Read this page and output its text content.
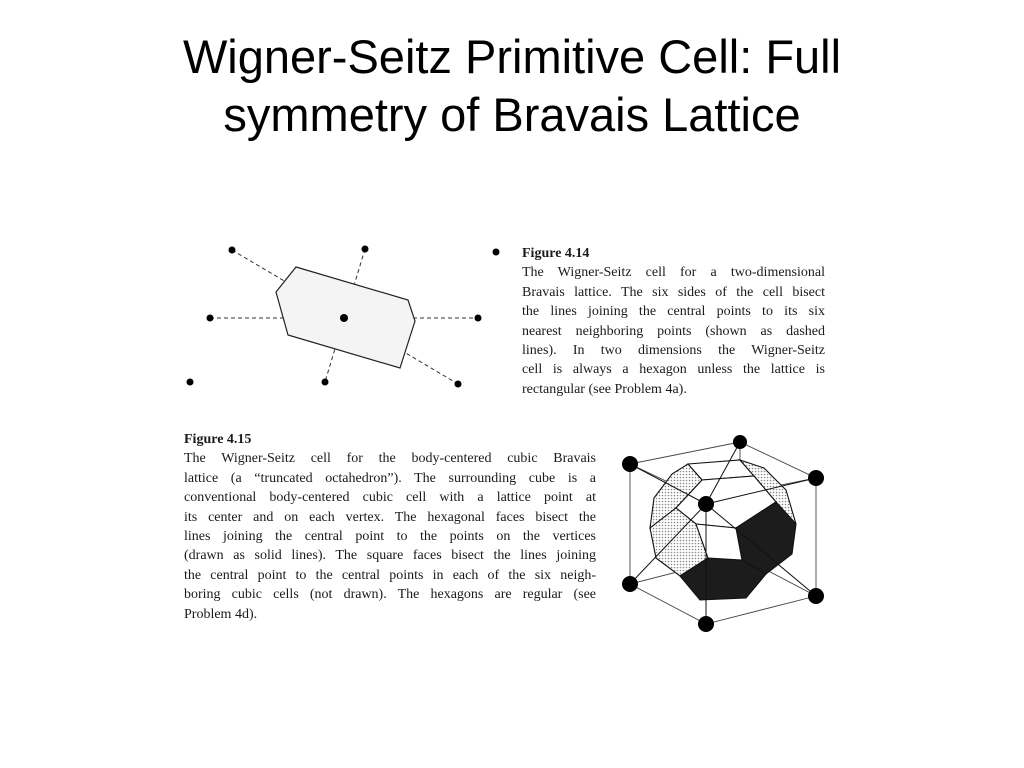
Wigner-Seitz Primitive Cell: Full
symmetry of Bravais Lattice
Figure 4.14
The Wigner-Seitz cell for a two-dimensional
Bravais lattice. The six sides of the cell bisect
the lines joining the central points to its six
nearest neighboring points (shown as dashed
lines). In two dimensions the Wigner-Seitz
cell is always a hexagon unless the lattice is
rectangular (see Problem 4a).
Figure 4.15
The Wigner-Seitz cell for the body-centered cubic Bravais
lattice (a “truncated octahedron”). The surrounding cube is a
conventional body-centered cubic cell with a lattice point at
its center and on each vertex. The hexagonal faces bisect the
lines joining the central point to the points on the vertices
(drawn as solid lines). The square faces bisect the lines joining
the central point to the central points in each of the six neigh-
boring cubic cells (not drawn). The hexagons are regular (see
Problem 4d).
